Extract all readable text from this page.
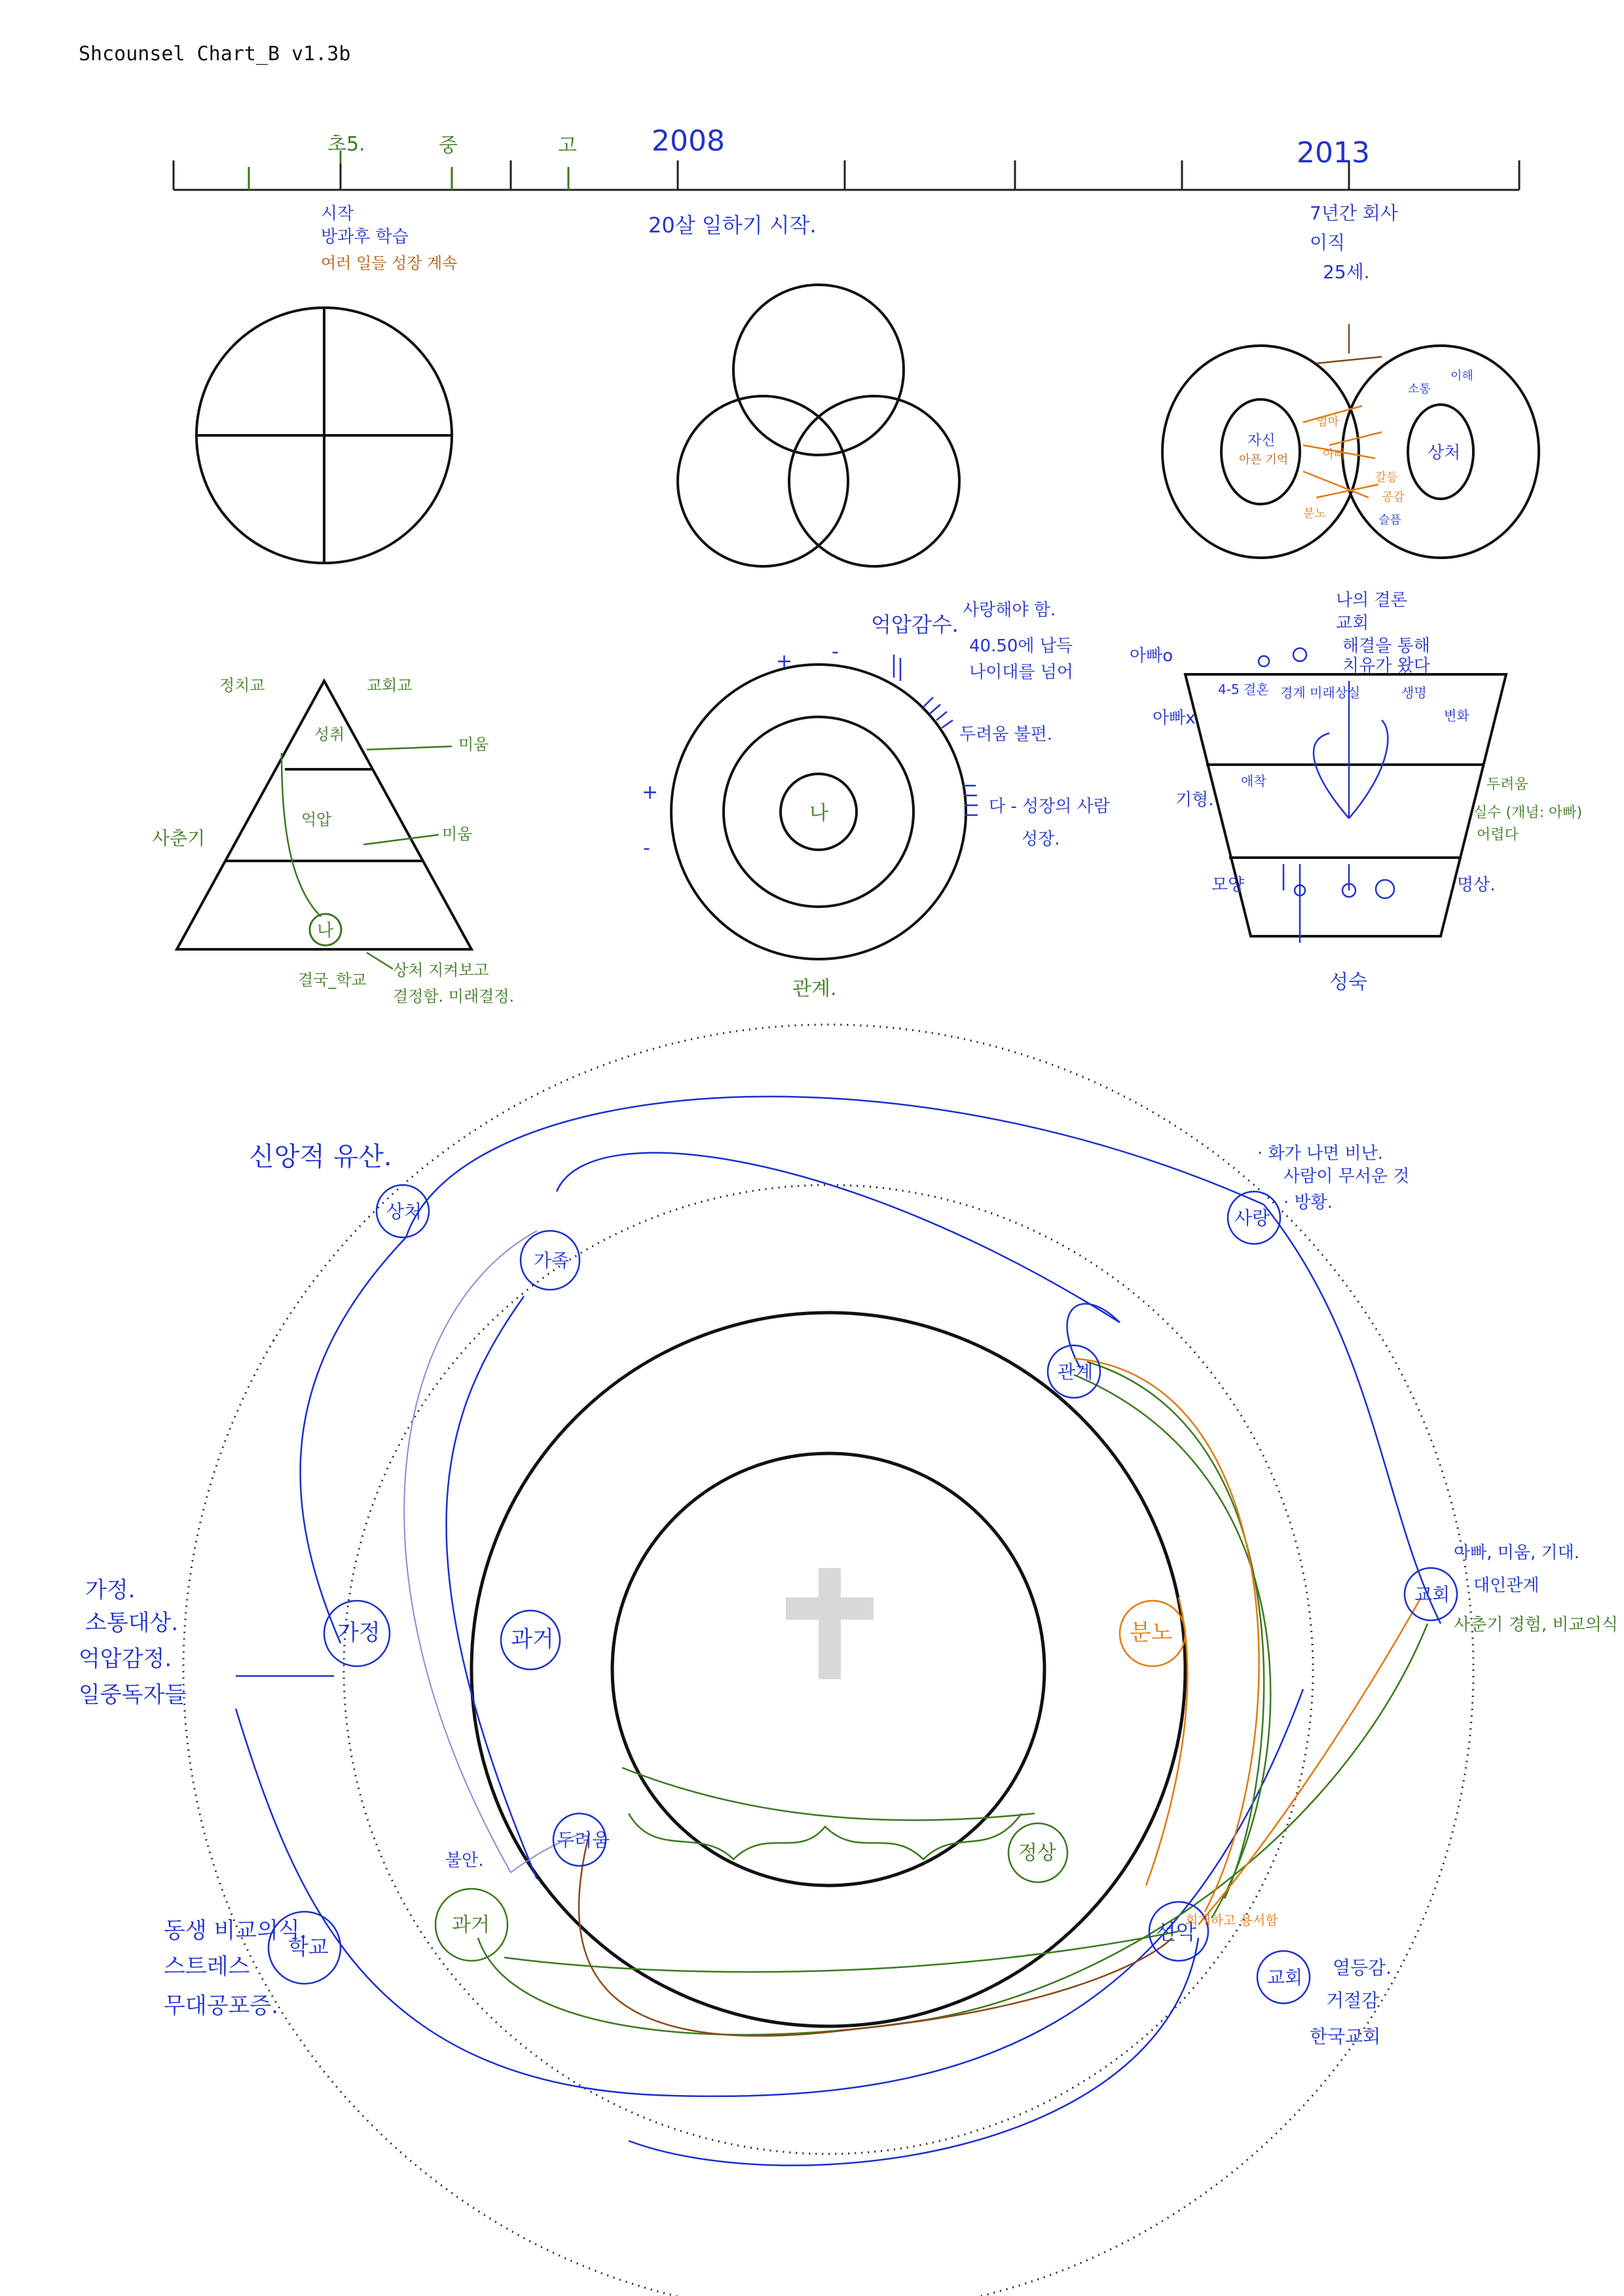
Shcounsel Chart_B v1.3b
초5.	중	고	2008	2013
시작
방과후 학습
여러 일들 성장 계속
20살 일하기 시작.	7년간 회사
이직
25세.
자신
아픈 기억	상처
소통
이해
엄마
아빠
갈등
공감
분노	슬픔
정치교	교회교
성취
억압
미움
미움
사춘기
결국_학교
상처 지켜보고
결정함. 미래결정.
나
나
관계.
억압감수.
사랑해야 함.
40.50에 납득
나이대를 넘어
두려움 불편.
다 - 성장의 사람
성장.
+ -
+
-
나의 결론
교회
해결을 통해
치유가 왔다
아빠o
아빠x
기형.
모양	명상.
성숙
4-5 결혼 경계 미래상실
애착
생명
변화
두려움
실수 (개념: 아빠)
어렵다
상처
가족
사랑
관계
교회
두려움
선악
교회
학교
가정	과거	분노
정상
과거
신앙적 유산.
가정.
소통대상.
억압감정.
일중독자들
동생 비교의식.
스트레스
무대공포증.
· 화가 나면 비난.
사람이 무서운 것
· 방황.
아빠, 미움, 기대.
대인관계
불안.
사춘기 경험, 비교의식
열등감.
거절감
한국교회
회개하고 용서함
